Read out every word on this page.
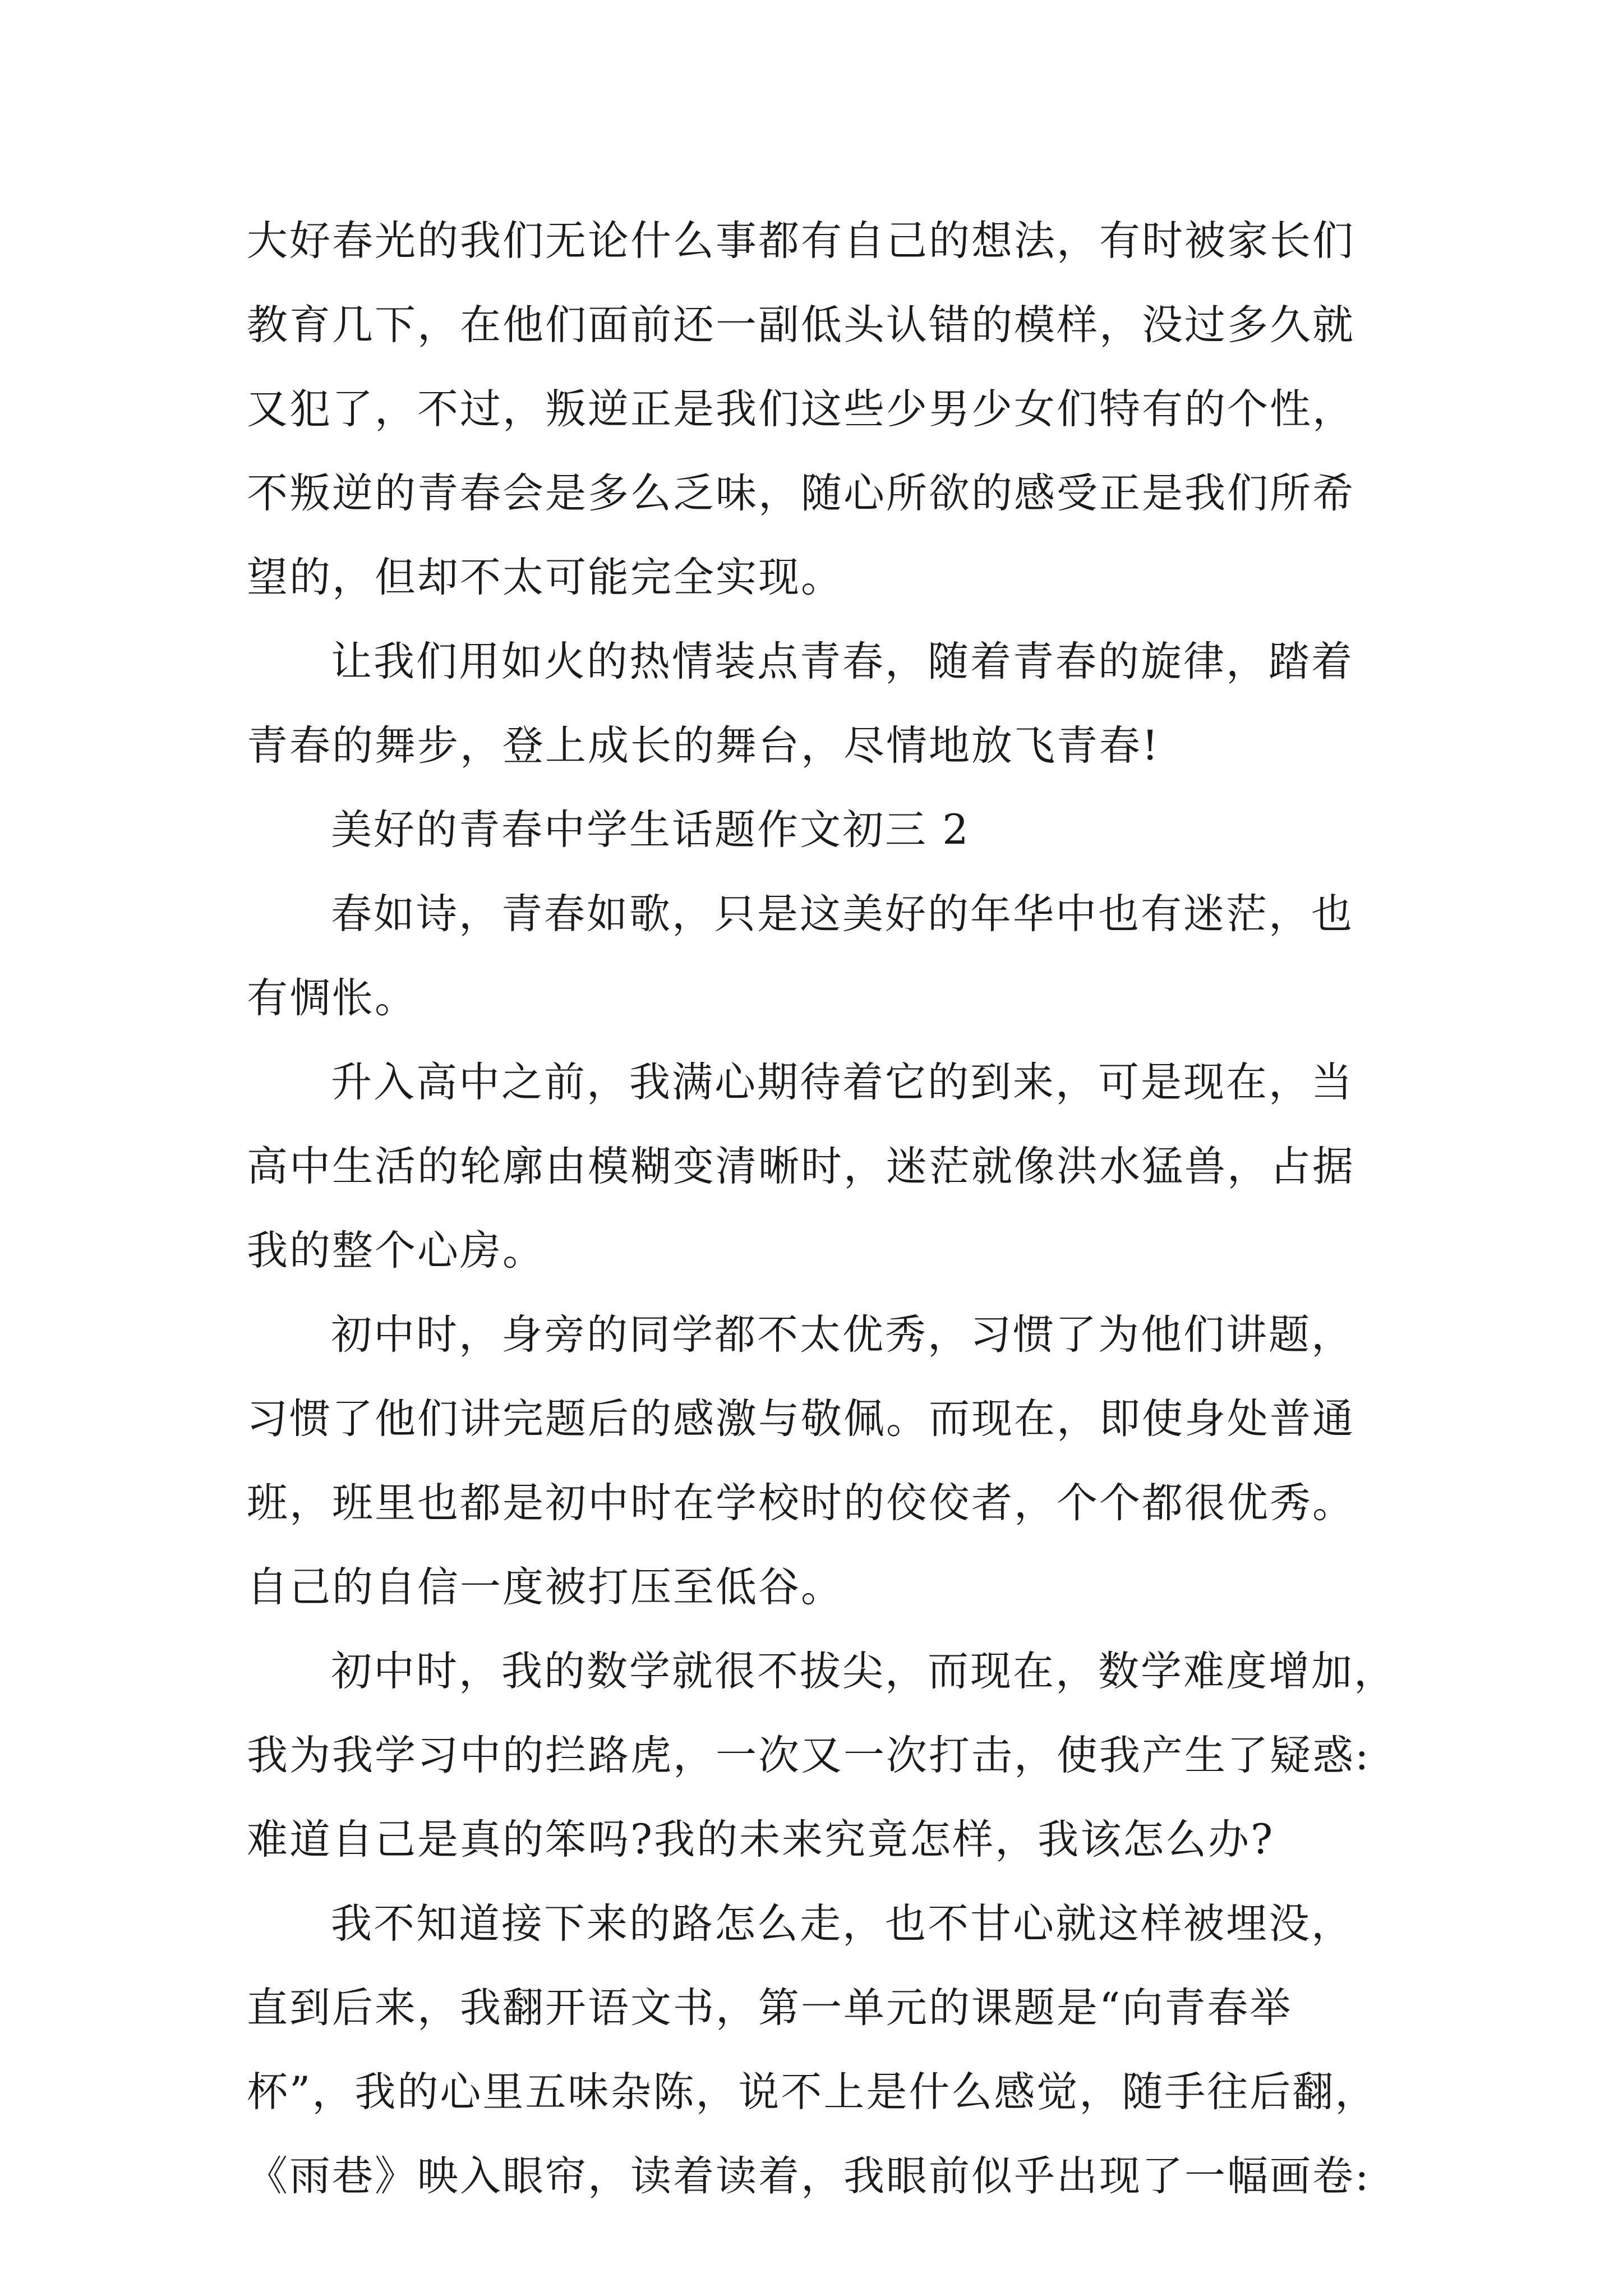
大好春光的我们无论什么事都有自己的想法，有时被家长们
教育几下，在他们面前还一副低头认错的模样，没过多久就
又犯了，不过，叛逆正是我们这些少男少女们特有的个性，
不叛逆的青春会是多么乏味，随心所欲的感受正是我们所希
望的，但却不太可能完全实现。

让我们用如火的热情装点青春，随着青春的旋律，踏着
青春的舞步，登上成长的舞台，尽情地放飞青春!

美好的青春中学生话题作文初三 2

春如诗，青春如歌，只是这美好的年华中也有迷茫，也
有惆怅。

升入高中之前，我满心期待着它的到来，可是现在，当
高中生活的轮廓由模糊变清晰时，迷茫就像洪水猛兽，占据
我的整个心房。

初中时，身旁的同学都不太优秀，习惯了为他们讲题，
习惯了他们讲完题后的感激与敬佩。而现在，即使身处普通
班，班里也都是初中时在学校时的佼佼者，个个都很优秀。
自己的自信一度被打压至低谷。

初中时，我的数学就很不拔尖，而现在，数学难度增加，
我为我学习中的拦路虎，一次又一次打击，使我产生了疑惑:
难道自己是真的笨吗?我的未来究竟怎样，我该怎么办?

我不知道接下来的路怎么走，也不甘心就这样被埋没，
直到后来，我翻开语文书，第一单元的课题是“向青春举
杯”，我的心里五味杂陈，说不上是什么感觉，随手往后翻，
《雨巷》映入眼帘，读着读着，我眼前似乎出现了一幅画卷:
